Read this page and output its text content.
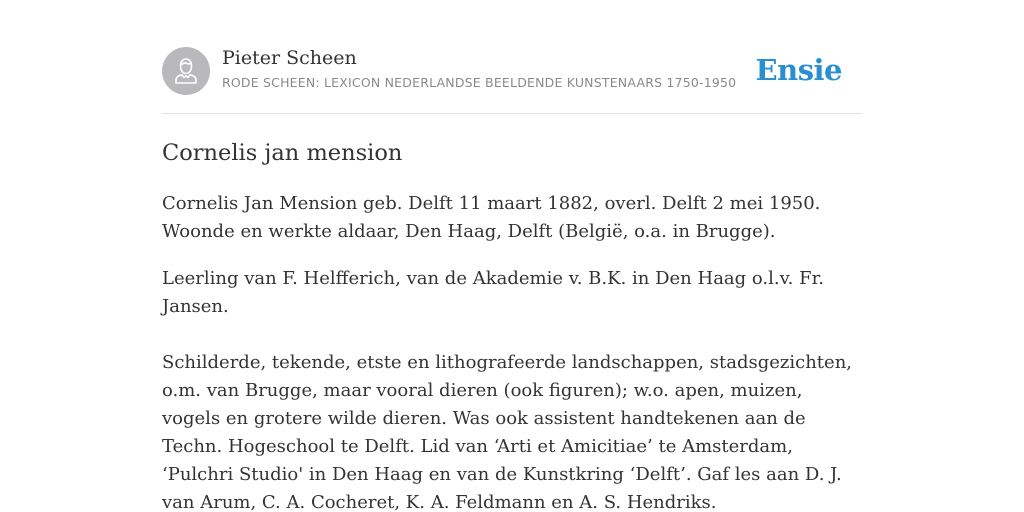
Pieter Scheen
RODE SCHEEN: LEXICON NEDERLANDSE BEELDENDE KUNSTENAARS 1750-1950 Ensie
Cornelis jan mension

Cornelis Jan Mension geb. Delft 11 maart 1882, overl. Delft 2 mei 1950. Woonde en werkte aldaar, Den Haag, Delft (België, o.a. in Brugge).

Leerling van F. Helfferich, van de Akademie v. B.K. in Den Haag o.l.v. Fr. Jansen.

Schilderde, tekende, etste en lithografeerde landschappen, stadsgezichten, o.m. van Brugge, maar vooral dieren (ook figuren); w.o. apen, muizen, vogels en grotere wilde dieren. Was ook assistent handtekenen aan de Techn. Hogeschool te Delft. Lid van ‘Arti et Amicitiae’ te Amsterdam, ‘Pulchri Studio' in Den Haag en van de Kunstkring ‘Delft’. Gaf les aan D. J. van Arum, C. A. Cocheret, K. A. Feldmann en A. S. Hendriks.
